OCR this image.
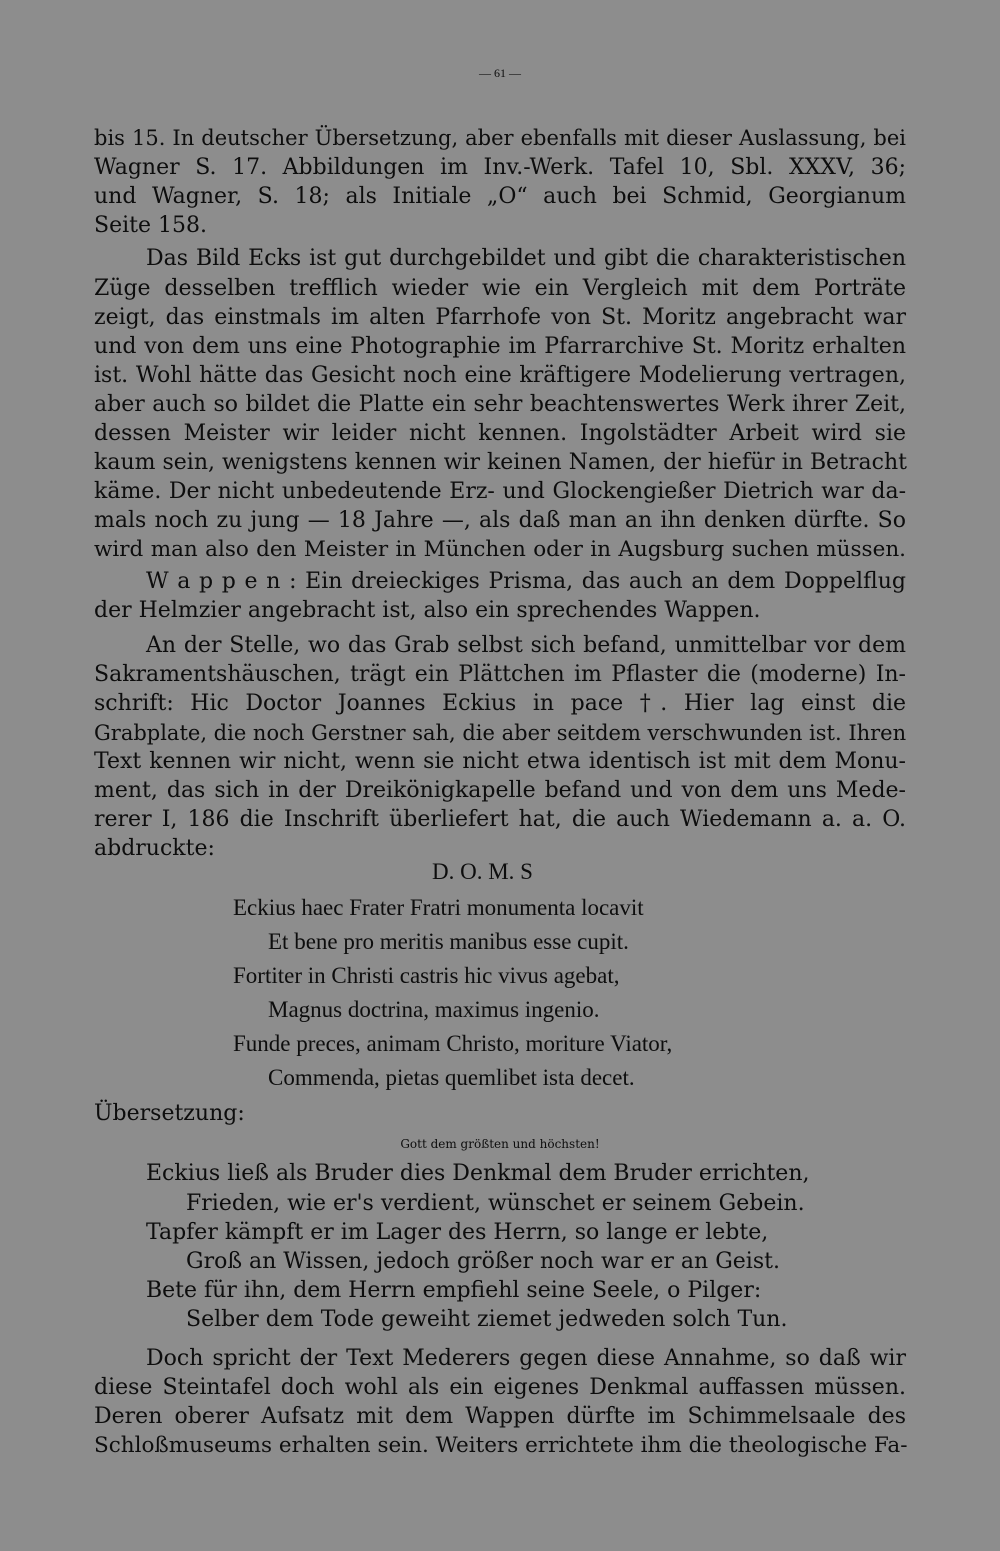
— 61 —
bis 15. In deutscher Übersetzung, aber ebenfalls mit dieser Auslassung, bei
Wagner S. 17. Abbildungen im Inv.-Werk. Tafel 10, Sbl. XXXV, 36;
und Wagner, S. 18; als Initiale „O“ auch bei Schmid, Georgianum
Seite 158.
Das Bild Ecks ist gut durchgebildet und gibt die charakteristischen
Züge desselben trefflich wieder wie ein Vergleich mit dem Porträte
zeigt, das einstmals im alten Pfarrhofe von St. Moritz angebracht war
und von dem uns eine Photographie im Pfarrarchive St. Moritz erhalten
ist. Wohl hätte das Gesicht noch eine kräftigere Modelierung vertragen,
aber auch so bildet die Platte ein sehr beachtenswertes Werk ihrer Zeit,
dessen Meister wir leider nicht kennen. Ingolstädter Arbeit wird sie
kaum sein, wenigstens kennen wir keinen Namen, der hiefür in Betracht
käme. Der nicht unbedeutende Erz- und Glockengießer Dietrich war da-
mals noch zu jung — 18 Jahre —, als daß man an ihn denken dürfte. So
wird man also den Meister in München oder in Augsburg suchen müssen.
W a p p e n : Ein dreieckiges Prisma, das auch an dem Doppelflug
der Helmzier angebracht ist, also ein sprechendes Wappen.
An der Stelle, wo das Grab selbst sich befand, unmittelbar vor dem
Sakramentshäuschen, trägt ein Plättchen im Pflaster die (moderne) In-
schrift: Hic Doctor Joannes Eckius in pace †. Hier lag einst die
Grabplate, die noch Gerstner sah, die aber seitdem verschwunden ist. Ihren
Text kennen wir nicht, wenn sie nicht etwa identisch ist mit dem Monu-
ment, das sich in der Dreikönigkapelle befand und von dem uns Mede-
rerer I, 186 die Inschrift überliefert hat, die auch Wiedemann a. a. O.
abdruckte:
D. O. M. S
Eckius haec Frater Fratri monumenta locavit
Et bene pro meritis manibus esse cupit.
Fortiter in Christi castris hic vivus agebat,
Magnus doctrina, maximus ingenio.
Funde preces, animam Christo, moriture Viator,
Commenda, pietas quemlibet ista decet.
Übersetzung:
Gott dem größten und höchsten!
Eckius ließ als Bruder dies Denkmal dem Bruder errichten,
Frieden, wie er's verdient, wünschet er seinem Gebein.
Tapfer kämpft er im Lager des Herrn, so lange er lebte,
Groß an Wissen, jedoch größer noch war er an Geist.
Bete für ihn, dem Herrn empfiehl seine Seele, o Pilger:
Selber dem Tode geweiht ziemet jedweden solch Tun.
Doch spricht der Text Mederers gegen diese Annahme, so daß wir
diese Steintafel doch wohl als ein eigenes Denkmal auffassen müssen.
Deren oberer Aufsatz mit dem Wappen dürfte im Schimmelsaale des
Schloßmuseums erhalten sein. Weiters errichtete ihm die theologische Fa-
